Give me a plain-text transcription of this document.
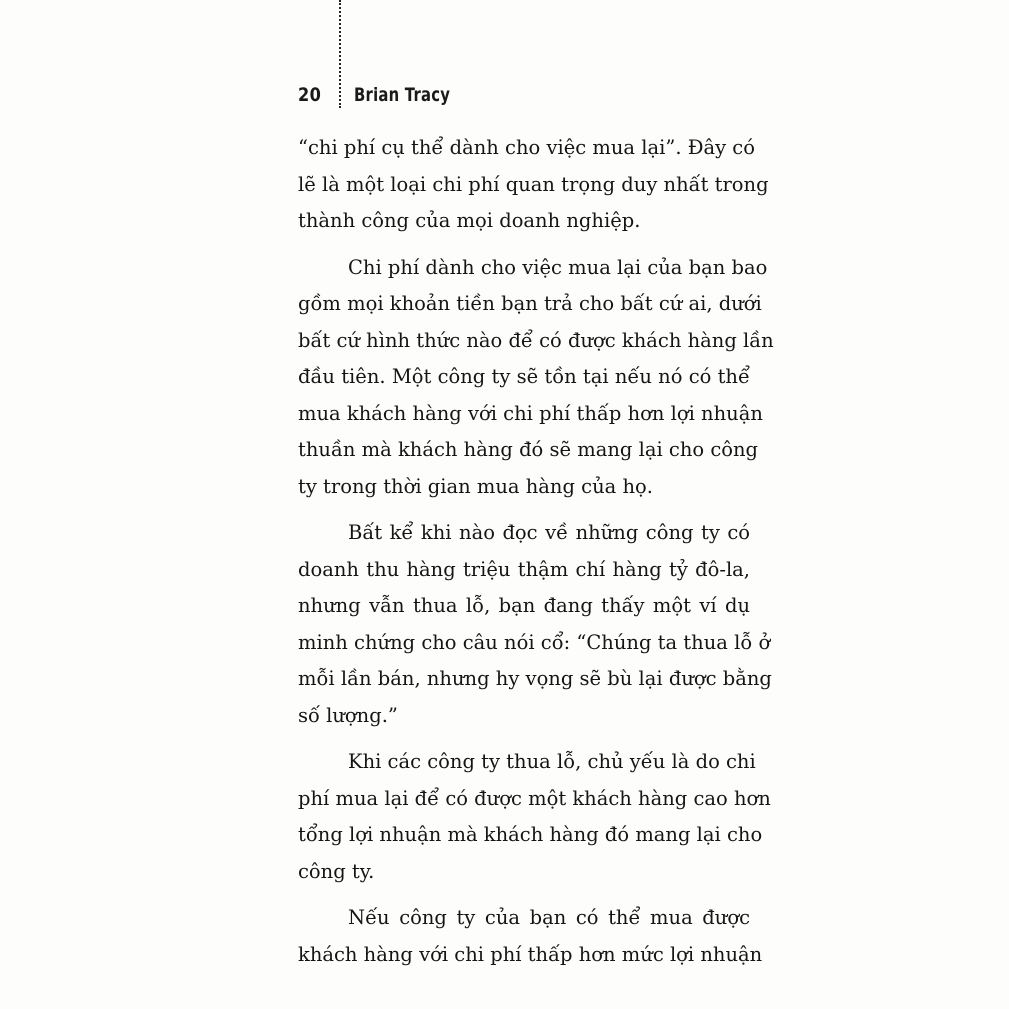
20 Brian Tracy
“chi phí cụ thể dành cho việc mua lại”. Đây có
lẽ là một loại chi phí quan trọng duy nhất trong
thành công của mọi doanh nghiệp.
Chi phí dành cho việc mua lại của bạn bao
gồm mọi khoản tiền bạn trả cho bất cứ ai, dưới
bất cứ hình thức nào để có được khách hàng lần
đầu tiên. Một công ty sẽ tồn tại nếu nó có thể
mua khách hàng với chi phí thấp hơn lợi nhuận
thuần mà khách hàng đó sẽ mang lại cho công
ty trong thời gian mua hàng của họ.
Bất kể khi nào đọc về những công ty có
doanh thu hàng triệu thậm chí hàng tỷ đô-la,
nhưng vẫn thua lỗ, bạn đang thấy một ví dụ
minh chứng cho câu nói cổ: “Chúng ta thua lỗ ở
mỗi lần bán, nhưng hy vọng sẽ bù lại được bằng
số lượng.”
Khi các công ty thua lỗ, chủ yếu là do chi
phí mua lại để có được một khách hàng cao hơn
tổng lợi nhuận mà khách hàng đó mang lại cho
công ty.
Nếu công ty của bạn có thể mua được
khách hàng với chi phí thấp hơn mức lợi nhuận
